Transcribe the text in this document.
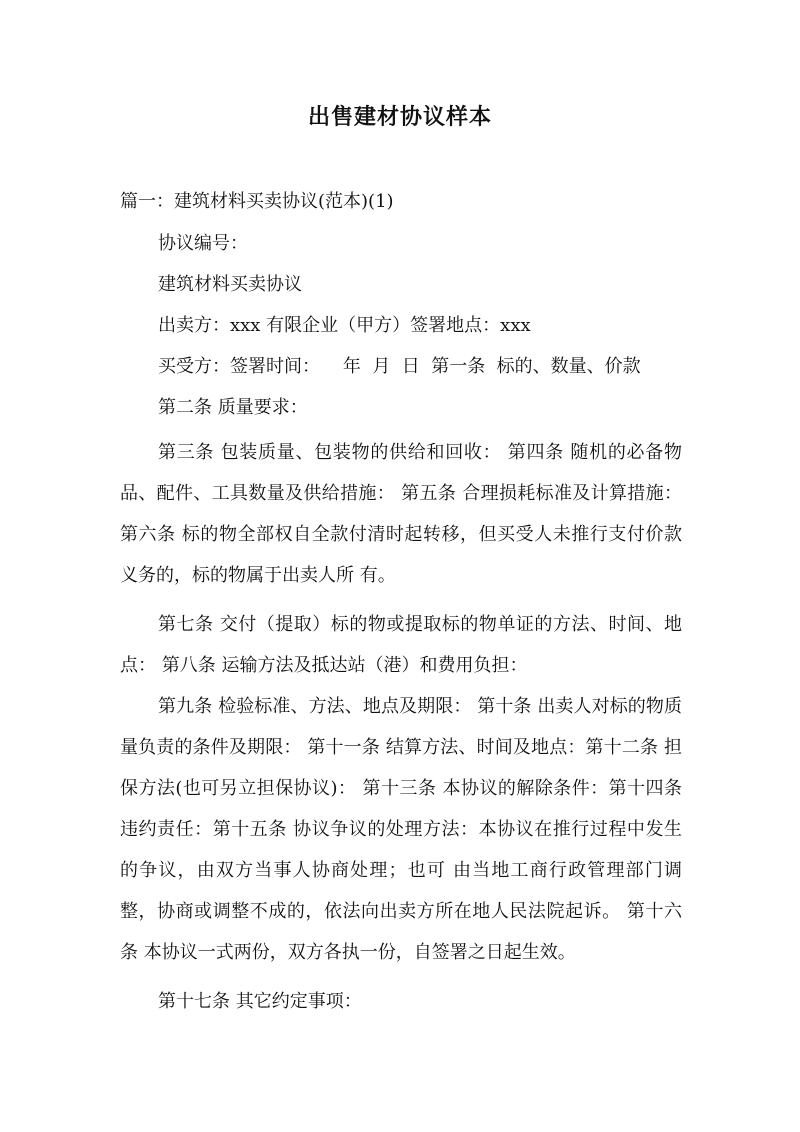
出售建材协议样本
篇一：建筑材料买卖协议(范本)(1)
协议编号：
建筑材料买卖协议
出卖方：xxx 有限企业（甲方）签署地点：xxx
买受方：签署时间：    年  月  日  第一条  标的、数量、价款
第二条 质量要求：
第三条 包装质量、包装物的供给和回收： 第四条 随机的必备物品、配件、工具数量及供给措施： 第五条 合理损耗标准及计算措施：第六条 标的物全部权自全款付清时起转移，但买受人未推行支付价款义务的，标的物属于出卖人所 有。
第七条 交付（提取）标的物或提取标的物单证的方法、时间、地点： 第八条 运输方法及抵达站（港）和费用负担：
第九条 检验标准、方法、地点及期限： 第十条 出卖人对标的物质量负责的条件及期限： 第十一条 结算方法、时间及地点：第十二条 担保方法(也可另立担保协议)： 第十三条 本协议的解除条件：第十四条 违约责任：第十五条 协议争议的处理方法：本协议在推行过程中发生的争议，由双方当事人协商处理；也可 由当地工商行政管理部门调整，协商或调整不成的，依法向出卖方所在地人民法院起诉。 第十六条 本协议一式两份，双方各执一份，自签署之日起生效。
第十七条 其它约定事项：
